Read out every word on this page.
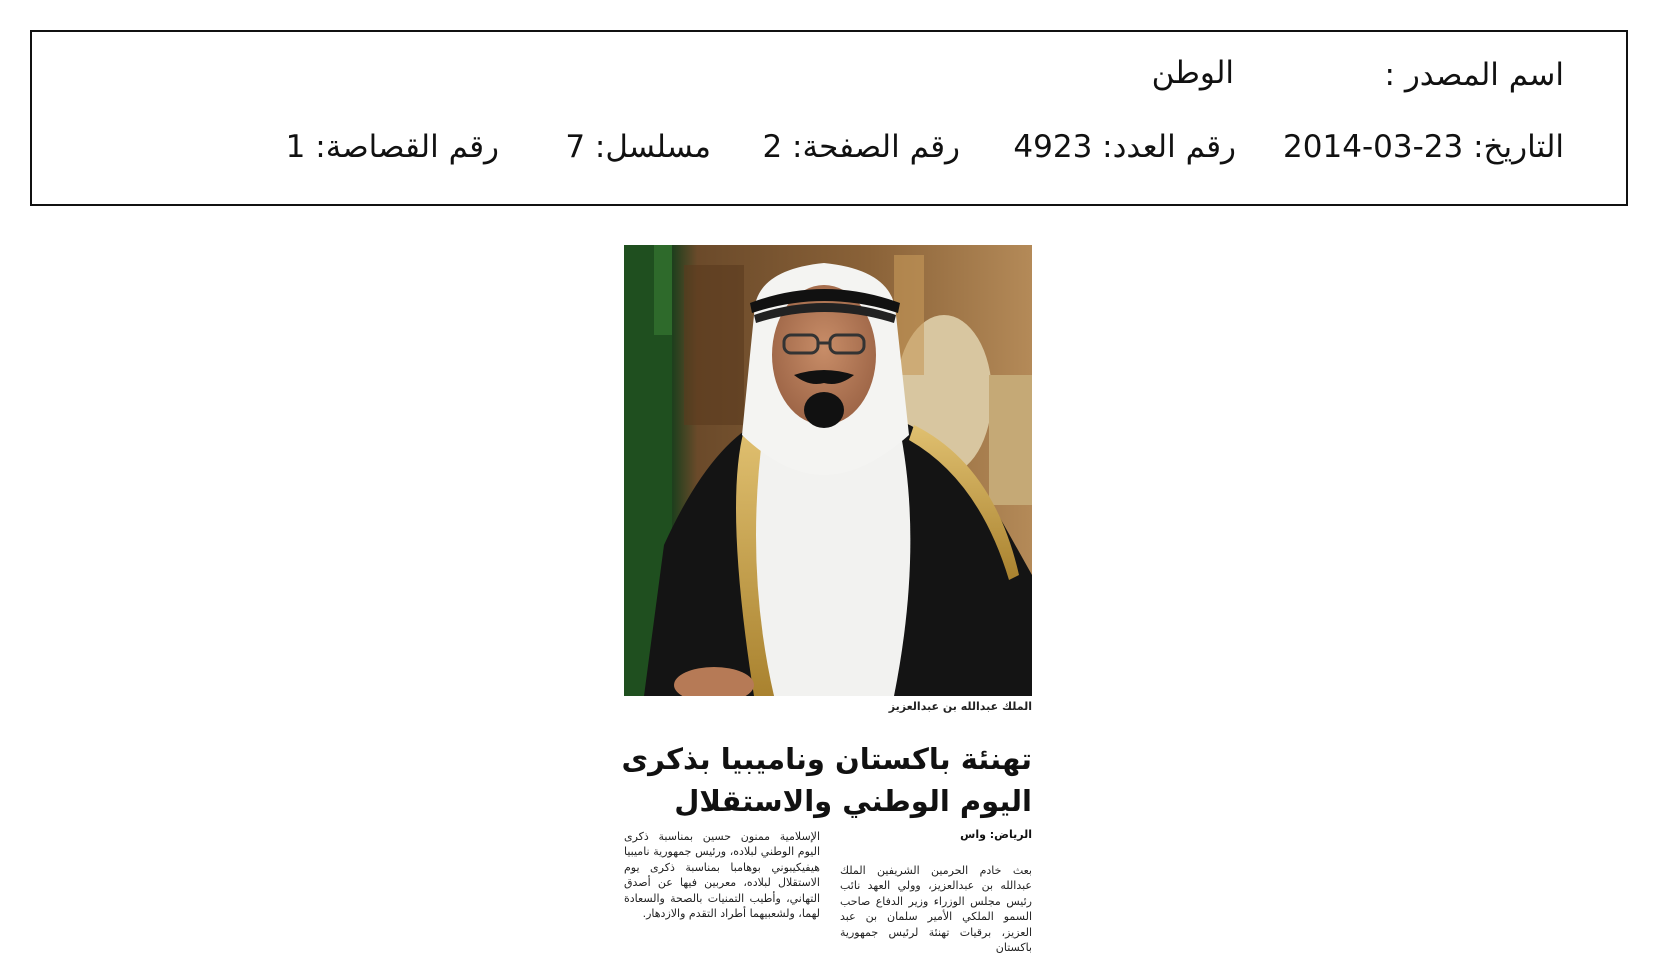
اسم المصدر :
الوطن
التاريخ: 23-03-2014
رقم العدد: 4923
رقم الصفحة: 2
مسلسل: 7
رقم القصاصة: 1
الملك عبدالله بن عبدالعزيز
تهنئة باكستان وناميبيا بذكرى
اليوم الوطني والاستقلال
الرياض: واس
بعث خادم الحرمين الشريفين الملك عبدالله بن عبدالعزيز، وولي العهد نائب رئيس مجلس الوزراء وزير الدفاع صاحب السمو الملكي الأمير سلمان بن عبد العزيز، برقيات تهنئة لرئيس جمهورية باكستان
الإسلامية ممنون حسين بمناسبة ذكرى اليوم الوطني لبلاده، ورئيس جمهورية ناميبيا هيفيكيبوني بوهامبا بمناسبة ذكرى يوم الاستقلال لبلاده، معربين فيها عن أصدق التهاني، وأطيب التمنيات بالصحة والسعادة لهما، ولشعبيهما أطراد التقدم والازدهار.
